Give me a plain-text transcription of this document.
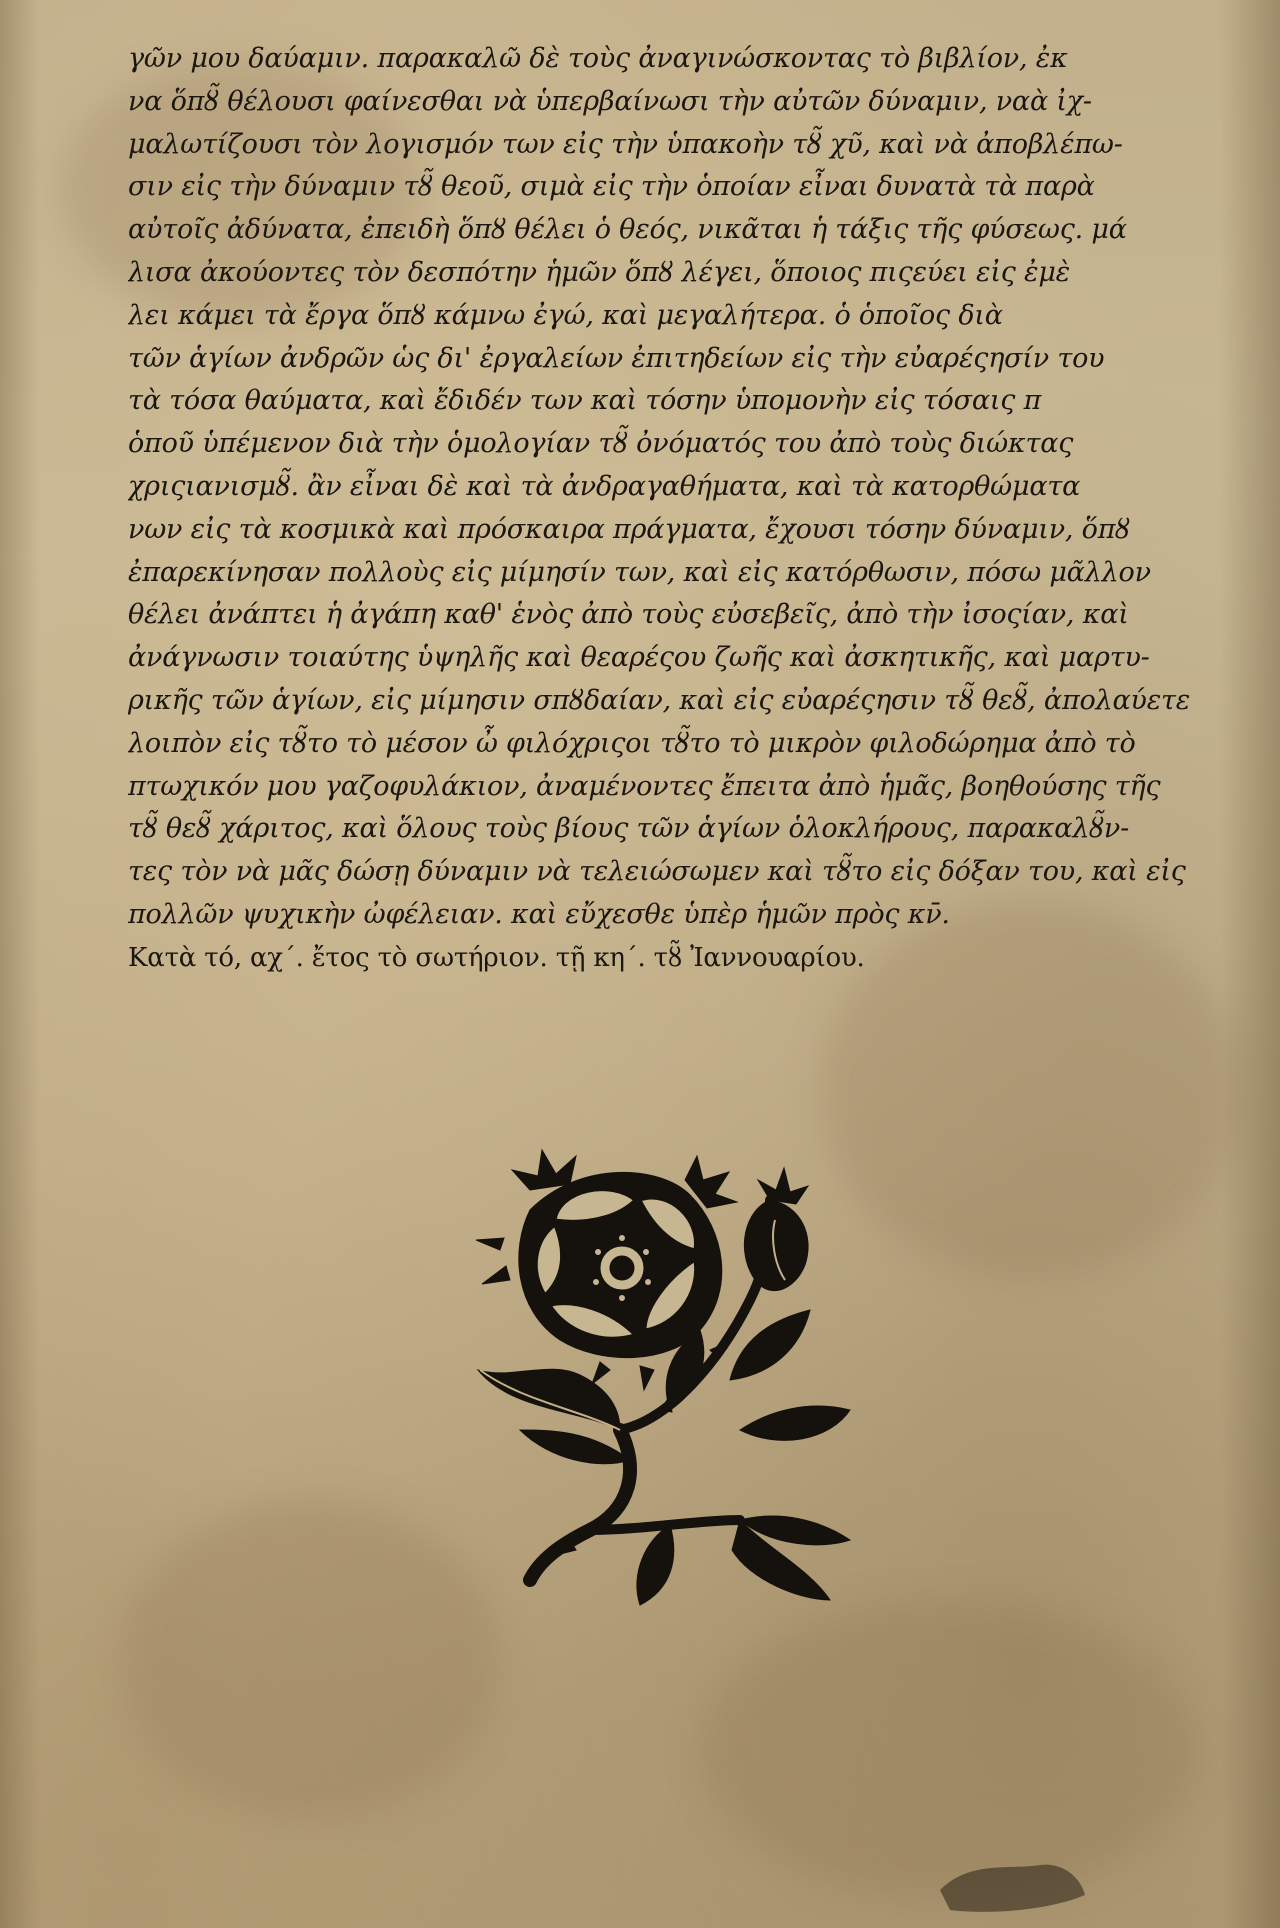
γῶν μου δαύαμιν. παρακαλῶ δὲ τοὺς ἀναγινώσκοντας τὸ βιβλίον, ἐκ
να ὅπȣ̃ θέλουσι φαίνεσθαι νὰ ὑπερβαίνωσι τὴν αὐτῶν δύναμιν, ναὰ ἰχ-
μαλωτίζουσι τὸν λογισμόν των εἰς τὴν ὑπακοὴν τȣ̃ χυ̃, καὶ νὰ ἀποβλέπω-
σιν εἰς τὴν δύναμιν τȣ̃ θεοῦ, σιμὰ εἰς τὴν ὁποίαν εἶναι δυνατὰ τὰ παρὰ
αὐτοῖς ἀδύνατα, ἐπειδὴ ὅπȣ θέλει ὁ θεός, νικᾶται ἡ τάξις τῆς φύσεως. μά
λισα ἀκούοντες τὸν δεσπότην ἡμῶν ὅπȣ λέγει, ὅποιος πιςεύει εἰς ἐμὲ
λει κάμει τὰ ἔργα ὅπȣ κάμνω ἐγώ, καὶ μεγαλήτερα. ὁ ὁποῖος διὰ
τῶν ἁγίων ἀνδρῶν ὡς δι' ἐργαλείων ἐπιτηδείων εἰς τὴν εὐαρέςησίν του
τὰ τόσα θαύματα, καὶ ἔδιδέν των καὶ τόσην ὑπομονὴν εἰς τόσαις π
ὁποῦ ὑπέμενον διὰ τὴν ὁμολογίαν τȣ̃ ὀνόματός του ἀπὸ τοὺς διώκτας
χριςιανισμȣ̃. ἂν εἶναι δὲ καὶ τὰ ἀνδραγαθήματα, καὶ τὰ κατορθώματα
νων εἰς τὰ κοσμικὰ καὶ πρόσκαιρα πράγματα, ἔχουσι τόσην δύναμιν, ὅπȣ
ἐπαρεκίνησαν πολλοὺς εἰς μίμησίν των, καὶ εἰς κατόρθωσιν, πόσω μᾶλλον
θέλει ἀνάπτει ἡ ἀγάπη καθ' ἑνὸς ἀπὸ τοὺς εὐσεβεῖς, ἀπὸ τὴν ἰσοςίαν, καὶ
ἀνάγνωσιν τοιαύτης ὑψηλῆς καὶ θεαρέςου ζωῆς καὶ ἀσκητικῆς, καὶ μαρτυ-
ρικῆς τῶν ἁγίων, εἰς μίμησιν σπȣδαίαν, καὶ εἰς εὐαρέςησιν τȣ̃ θεȣ̃, ἀπολαύετε
λοιπὸν εἰς τȣ̃το τὸ μέσον ὦ φιλόχριςοι τȣ̃το τὸ μικρὸν φιλοδώρημα ἀπὸ τὸ
πτωχικόν μου γαζοφυλάκιον, ἀναμένοντες ἔπειτα ἀπὸ ἡμᾶς, βοηθούσης τῆς
τȣ̃ θεȣ̃ χάριτος, καὶ ὅλους τοὺς βίους τῶν ἁγίων ὁλοκλήρους, παρακαλȣ̃ν-
τες τὸν νὰ μᾶς δώσῃ δύναμιν νὰ τελειώσωμεν καὶ τȣ̃το εἰς δόξαν του, καὶ εἰς
πολλῶν ψυχικὴν ὠφέλειαν. καὶ εὔχεσθε ὑπὲρ ἡμῶν πρὸς κν̄.
Κατὰ τό, αχ΄. ἔτος τὸ σωτήριον. τῇ κη΄. τȣ̃ Ἰαννουαρίου.
